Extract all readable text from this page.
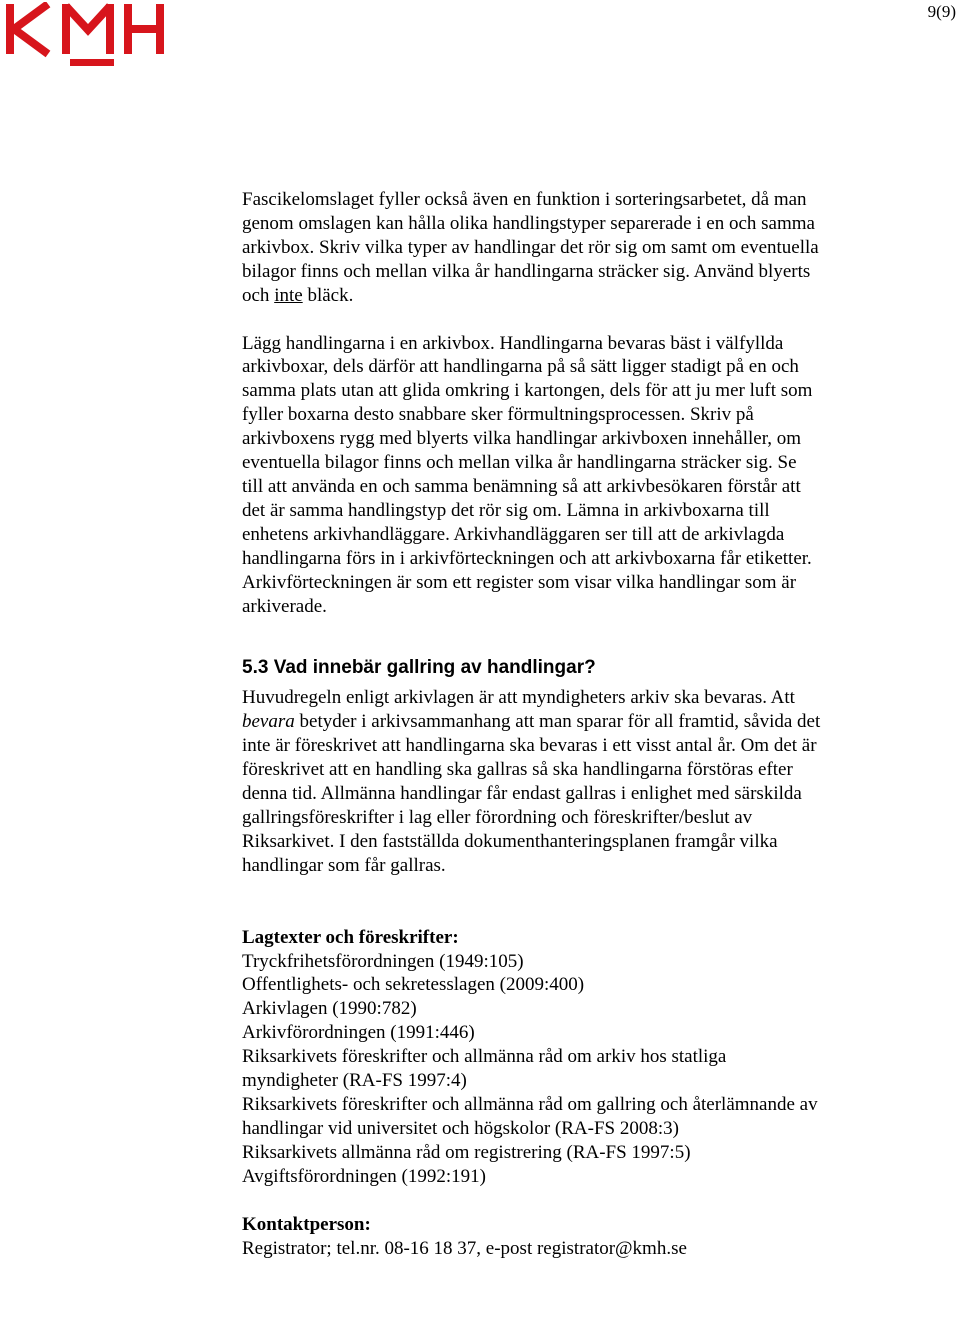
9(9)

Fascikelomslaget fyller också även en funktion i sorteringsarbetet, då man genom omslagen kan hålla olika handlingstyper separerade i en och samma arkivbox. Skriv vilka typer av handlingar det rör sig om samt om eventuella bilagor finns och mellan vilka år handlingarna sträcker sig. Använd blyerts och inte bläck.

Lägg handlingarna i en arkivbox. Handlingarna bevaras bäst i välfyllda arkivboxar, dels därför att handlingarna på så sätt ligger stadigt på en och samma plats utan att glida omkring i kartongen, dels för att ju mer luft som fyller boxarna desto snabbare sker förmultningsprocessen. Skriv på arkivboxens rygg med blyerts vilka handlingar arkivboxen innehåller, om eventuella bilagor finns och mellan vilka år handlingarna sträcker sig. Se till att använda en och samma benämning så att arkivbesökaren förstår att det är samma handlingstyp det rör sig om. Lämna in arkivboxarna till enhetens arkivhandläggare. Arkivhandläggaren ser till att de arkivlagda handlingarna förs in i arkivförteckningen och att arkivboxarna får etiketter. Arkivförteckningen är som ett register som visar vilka handlingar som är arkiverade.

5.3 Vad innebär gallring av handlingar?

Huvudregeln enligt arkivlagen är att myndigheters arkiv ska bevaras. Att bevara betyder i arkivsammanhang att man sparar för all framtid, såvida det inte är föreskrivet att handlingarna ska bevaras i ett visst antal år. Om det är föreskrivet att en handling ska gallras så ska handlingarna förstöras efter denna tid. Allmänna handlingar får endast gallras i enlighet med särskilda gallringsföreskrifter i lag eller förordning och föreskrifter/beslut av Riksarkivet. I den fastställda dokumenthanteringsplanen framgår vilka handlingar som får gallras.

Lagtexter och föreskrifter:

Tryckfrihetsförordningen (1949:105)
Offentlighets- och sekretesslagen (2009:400)
Arkivlagen (1990:782)
Arkivförordningen (1991:446)
Riksarkivets föreskrifter och allmänna råd om arkiv hos statliga myndigheter (RA-FS 1997:4)
Riksarkivets föreskrifter och allmänna råd om gallring och återlämnande av handlingar vid universitet och högskolor (RA-FS 2008:3)
Riksarkivets allmänna råd om registrering (RA-FS 1997:5)
Avgiftsförordningen (1992:191)

Kontaktperson:

Registrator; tel.nr. 08-16 18 37, e-post registrator@kmh.se
